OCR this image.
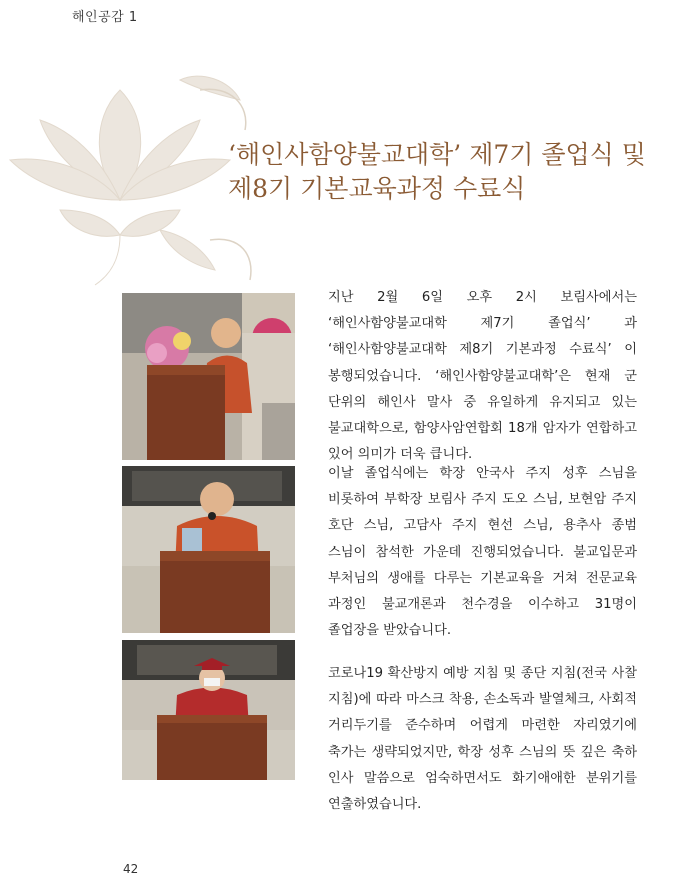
해인공감 1
‘해인사함양불교대학’ 제7기 졸업식 및
제8기 기본교육과정 수료식
지난 2월 6일 오후 2시 보림사에서는 ‘해인사함양불교대학 제7기 졸업식’ 과 ‘해인사함양불교대학 제8기 기본과정 수료식’ 이 봉행되었습니다. ‘해인사함양불교대학’은 현재 군 단위의 해인사 말사 중 유일하게 유지되고 있는 불교대학으로, 함양사암연합회 18개 암자가 연합하고 있어 의미가 더욱 큽니다.
이날 졸업식에는 학장 안국사 주지 성후 스님을 비롯하여 부학장 보림사 주지 도오 스님, 보현암 주지 호단 스님, 고담사 주지 현선 스님, 용추사 종범 스님이 참석한 가운데 진행되었습니다. 불교입문과 부처님의 생애를 다루는 기본교육을 거쳐 전문교육 과정인 불교개론과 천수경을 이수하고 31명이 졸업장을 받았습니다.
코로나19 확산방지 예방 지침 및 종단 지침(전국 사찰 지침)에 따라 마스크 착용, 손소독과 발열체크, 사회적 거리두기를 준수하며 어렵게 마련한 자리였기에 축가는 생략되었지만, 학장 성후 스님의 뜻 깊은 축하 인사 말씀으로 엄숙하면서도 화기애애한 분위기를 연출하였습니다.
42
